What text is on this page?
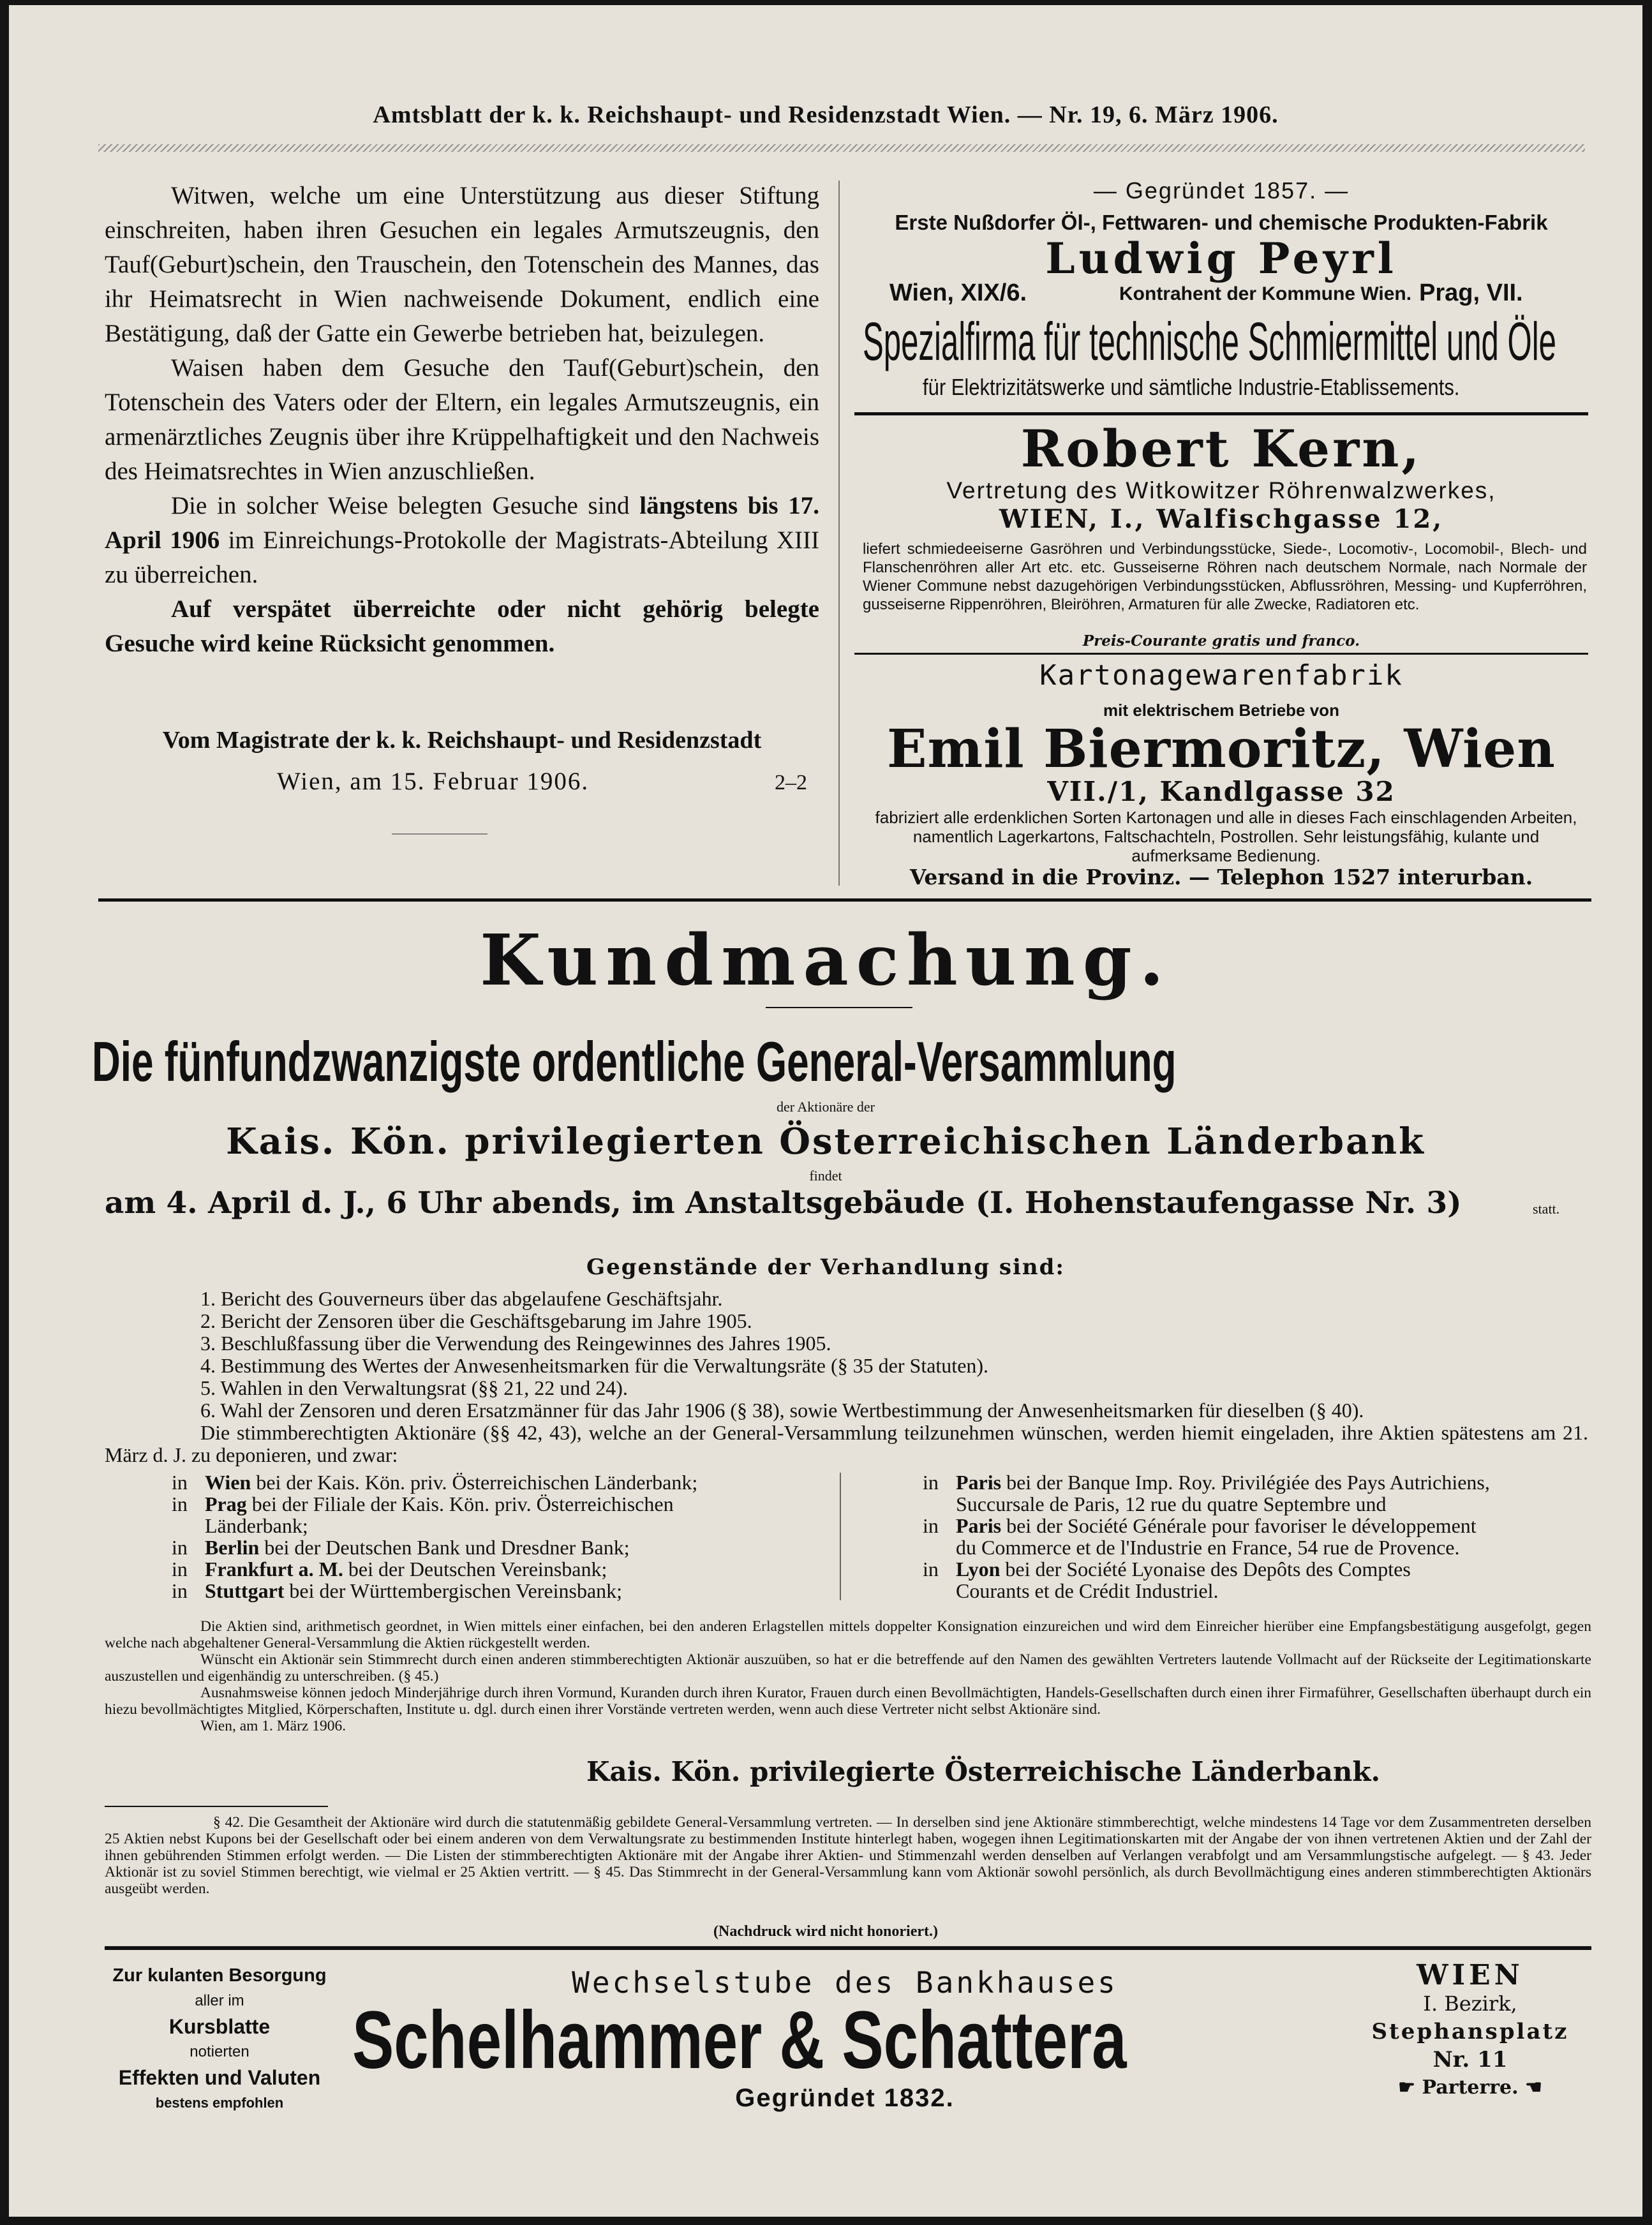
Amtsblatt der k. k. Reichshaupt- und Residenzstadt Wien. — Nr. 19, 6. März 1906.

Witwen, welche um eine Unterstützung aus dieser Stiftung einschreiten, haben ihren Gesuchen ein legales Armutszeugnis, den Tauf(Geburt)schein, den Trauschein, den Totenschein des Mannes, das ihr Heimatsrecht in Wien nachweisende Dokument, endlich eine Bestätigung, daß der Gatte ein Gewerbe betrieben hat, beizulegen.

Waisen haben dem Gesuche den Tauf(Geburt)schein, den Totenschein des Vaters oder der Eltern, ein legales Armutszeugnis, ein armenärztliches Zeugnis über ihre Krüppelhaftigkeit und den Nachweis des Heimatsrechtes in Wien anzuschließen.

Die in solcher Weise belegten Gesuche sind längstens bis 17. April 1906 im Einreichungs-Protokolle der Magistrats-Abteilung XIII zu überreichen.

Auf verspätet überreichte oder nicht gehörig belegte Gesuche wird keine Rücksicht genommen.

Vom Magistrate der k. k. Reichshaupt- und Residenzstadt
Wien, am 15. Februar 1906.	2–2
— Gegründet 1857. —
Erste Nußdorfer Öl-, Fettwaren- und chemische Produkten-Fabrik
Ludwig Peyrl
Wien, XIX/6.	Kontrahent der Kommune Wien. Prag, VII.
Spezialfirma für technische Schmiermittel und Öle
für Elektrizitätswerke und sämtliche Industrie-Etablissements.
Robert Kern,
Vertretung des Witkowitzer Röhrenwalzwerkes,
WIEN, I., Walfischgasse 12,
liefert schmiedeeiserne Gasröhren und Verbindungsstücke, Siede-, Locomotiv-, Locomobil-, Blech- und Flanschenröhren aller Art etc. etc. Gusseiserne Röhren nach deutschem Normale, nach Normale der Wiener Commune nebst dazugehörigen Verbindungsstücken, Abflussröhren, Messing- und Kupferröhren, gusseiserne Rippenröhren, Bleiröhren, Armaturen für alle Zwecke, Radiatoren etc.
Preis-Courante gratis und franco.
Kartonagewarenfabrik
mit elektrischem Betriebe von
Emil Biermoritz, Wien
VII./1, Kandlgasse 32
fabriziert alle erdenklichen Sorten Kartonagen und alle in dieses Fach einschlagenden Arbeiten, namentlich Lagerkartons, Faltschachteln, Postrollen. Sehr leistungsfähig, kulante und aufmerksame Bedienung.
Versand in die Provinz. — Telephon 1527 interurban.
Kundmachung.
Die fünfundzwanzigste ordentliche General-Versammlung
der Aktionäre der
Kais. Kön. privilegierten Österreichischen Länderbank
findet
am 4. April d. J., 6 Uhr abends, im Anstaltsgebäude (I. Hohenstaufengasse Nr. 3)	statt.
Gegenstände der Verhandlung sind:
1. Bericht des Gouverneurs über das abgelaufene Geschäftsjahr.
2. Bericht der Zensoren über die Geschäftsgebarung im Jahre 1905.
3. Beschlußfassung über die Verwendung des Reingewinnes des Jahres 1905.
4. Bestimmung des Wertes der Anwesenheitsmarken für die Verwaltungsräte (§ 35 der Statuten).
5. Wahlen in den Verwaltungsrat (§§ 21, 22 und 24).
6. Wahl der Zensoren und deren Ersatzmänner für das Jahr 1906 (§ 38), sowie Wertbestimmung der Anwesenheitsmarken für dieselben (§ 40).
Die stimmberechtigten Aktionäre (§§ 42, 43), welche an der General-Versammlung teilzunehmen wünschen, werden hiemit eingeladen, ihre Aktien spätestens am 21. März d. J. zu deponieren, und zwar:
in Wien bei der Kais. Kön. priv. Österreichischen Länderbank;
in Prag bei der Filiale der Kais. Kön. priv. Österreichischen
Länderbank;
in Berlin bei der Deutschen Bank und Dresdner Bank;
in Frankfurt a. M. bei der Deutschen Vereinsbank;
in Stuttgart bei der Württembergischen Vereinsbank;
in Paris bei der Banque Imp. Roy. Privilégiée des Pays Autrichiens,
Succursale de Paris, 12 rue du quatre Septembre und
in Paris bei der Société Générale pour favoriser le développement
du Commerce et de l'Industrie en France, 54 rue de Provence.
in Lyon bei der Société Lyonaise des Depôts des Comptes
Courants et de Crédit Industriel.
Die Aktien sind, arithmetisch geordnet, in Wien mittels einer einfachen, bei den anderen Erlagstellen mittels doppelter Konsignation einzureichen und wird dem Einreicher hierüber eine Empfangsbestätigung ausgefolgt, gegen welche nach abgehaltener General-Versammlung die Aktien rückgestellt werden.
Wünscht ein Aktionär sein Stimmrecht durch einen anderen stimmberechtigten Aktionär auszuüben, so hat er die betreffende auf den Namen des gewählten Vertreters lautende Vollmacht auf der Rückseite der Legitimationskarte auszustellen und eigenhändig zu unterschreiben. (§ 45.)
Ausnahmsweise können jedoch Minderjährige durch ihren Vormund, Kuranden durch ihren Kurator, Frauen durch einen Bevollmächtigten, Handels-Gesellschaften durch einen ihrer Firmaführer, Gesellschaften überhaupt durch ein hiezu bevollmächtigtes Mitglied, Körperschaften, Institute u. dgl. durch einen ihrer Vorstände vertreten werden, wenn auch diese Vertreter nicht selbst Aktionäre sind.
Wien, am 1. März 1906.
Kais. Kön. privilegierte Österreichische Länderbank.
§ 42. Die Gesamtheit der Aktionäre wird durch die statutenmäßig gebildete General-Versammlung vertreten. — In derselben sind jene Aktionäre stimmberechtigt, welche mindestens 14 Tage vor dem Zusammentreten derselben 25 Aktien nebst Kupons bei der Gesellschaft oder bei einem anderen von dem Verwaltungsrate zu bestimmenden Institute hinterlegt haben, wogegen ihnen Legitimationskarten mit der Angabe der von ihnen vertretenen Aktien und der Zahl der ihnen gebührenden Stimmen erfolgt werden. — Die Listen der stimmberechtigten Aktionäre mit der Angabe ihrer Aktien- und Stimmenzahl werden denselben auf Verlangen verabfolgt und am Versammlungstische aufgelegt. — § 43. Jeder Aktionär ist zu soviel Stimmen berechtigt, wie vielmal er 25 Aktien vertritt. — § 45. Das Stimmrecht in der General-Versammlung kann vom Aktionär sowohl persönlich, als durch Bevollmächtigung eines anderen stimmberechtigten Aktionärs ausgeübt werden.
(Nachdruck wird nicht honoriert.)
Zur kulanten Besorgung
aller im
Kursblatte
notierten
Effekten und Valuten
bestens empfohlen
Wechselstube des Bankhauses
Schelhammer & Schattera
Gegründet 1832.
WIEN
I. Bezirk,
Stephansplatz
Nr. 11
☛ Parterre. ☚
